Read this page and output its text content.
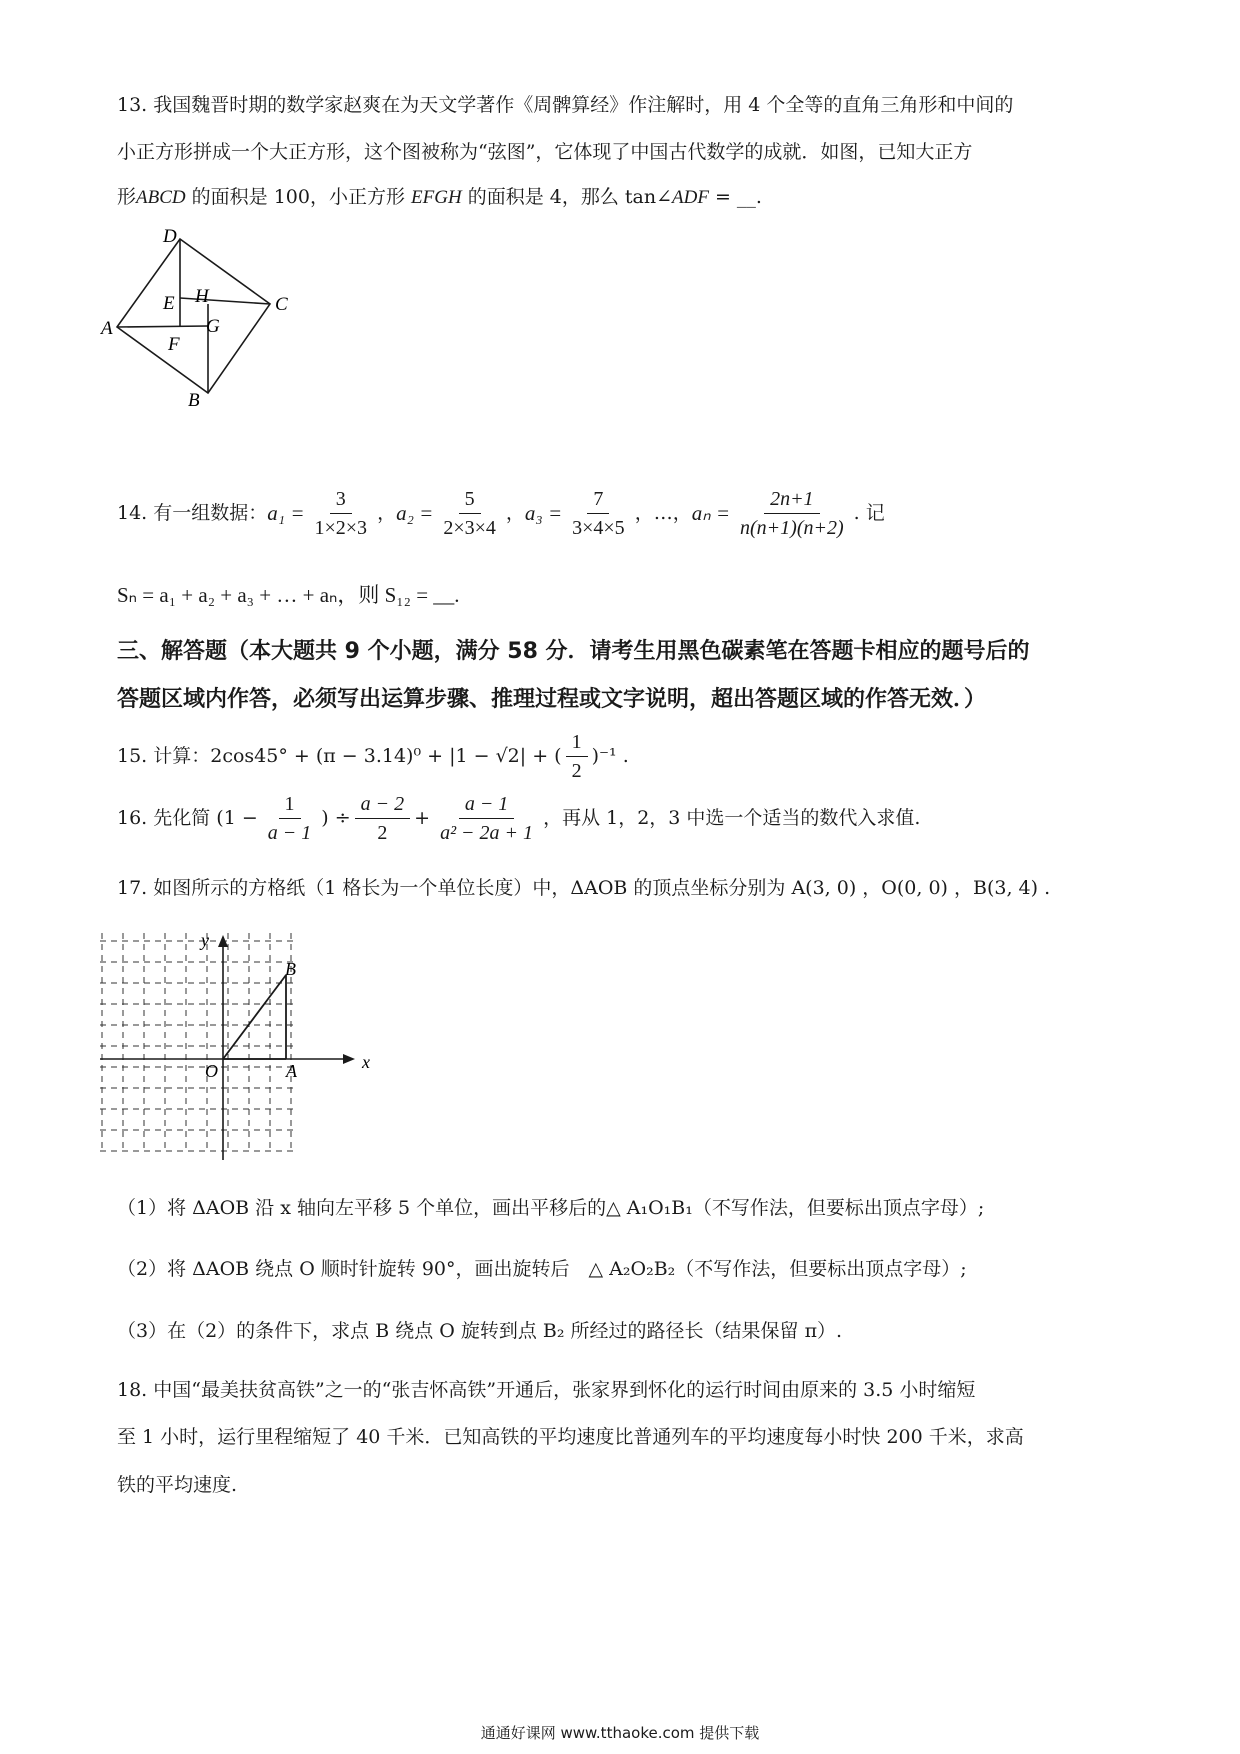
13. 我国魏晋时期的数学家赵爽在为天文学著作《周髀算经》作注解时，用 4 个全等的直角三角形和中间的
小正方形拼成一个大正方形，这个图被称为“弦图”，它体现了中国古代数学的成就．如图，已知大正方
形ABCD 的面积是 100，小正方形 EFGH 的面积是 4，那么 tan∠ADF = __.
D
C
A
B
E H
G
F
14. 有一组数据： $a_1 = \frac{3}{1\times 2\times 3}$ ， $a_2 = \frac{5}{2\times 3\times 4}$ ， $a_3 = \frac{7}{3\times 4\times 5}$ ，…， $a_n = \frac{2n+1}{n(n+1)(n+2)}$ . 记
Sₙ = a₁ + a₂ + a₃ + … + aₙ，则 S₁₂ = __.
三、解答题（本大题共 9 个小题，满分 58 分．请考生用黑色碳素笔在答题卡相应的题号后的
答题区域内作答，必须写出运算步骤、推理过程或文字说明，超出答题区域的作答无效．）
15. 计算：2cos45° + (π − 3.14)⁰ + |1 − √2| + ( $\frac{1}{2} )^{-1}$ .
16. 先化简 ($1 - \frac{1}{a - 1}$ ) ÷ $\frac{a - 2}{2} + \frac{a - 1}{\text{a² − 2a + 1}}$ ，再从 1，2，3 中选一个适当的数代入求值.
17. 如图所示的方格纸（1 格长为一个单位长度）中，ΔAOB 的顶点坐标分别为 A(3, 0) ，O(0, 0) ，B(3, 4) .
y
x
O	A
B
（1）将 ΔAOB 沿 x 轴向左平移 5 个单位，画出平移后的△ A₁O₁B₁（不写作法，但要标出顶点字母）;
（2）将 ΔAOB 绕点 O 顺时针旋转 90°，画出旋转后　△ A₂O₂B₂（不写作法，但要标出顶点字母）;
（3）在（2）的条件下，求点 B 绕点 O 旋转到点 B₂ 所经过的路径长（结果保留 π）.
18. 中国“最美扶贫高铁”之一的“张吉怀高铁”开通后，张家界到怀化的运行时间由原来的 3.5 小时缩短
至 1 小时，运行里程缩短了 40 千米．已知高铁的平均速度比普通列车的平均速度每小时快 200 千米，求高
铁的平均速度.
通通好课网 www.tthaoke.com 提供下载
